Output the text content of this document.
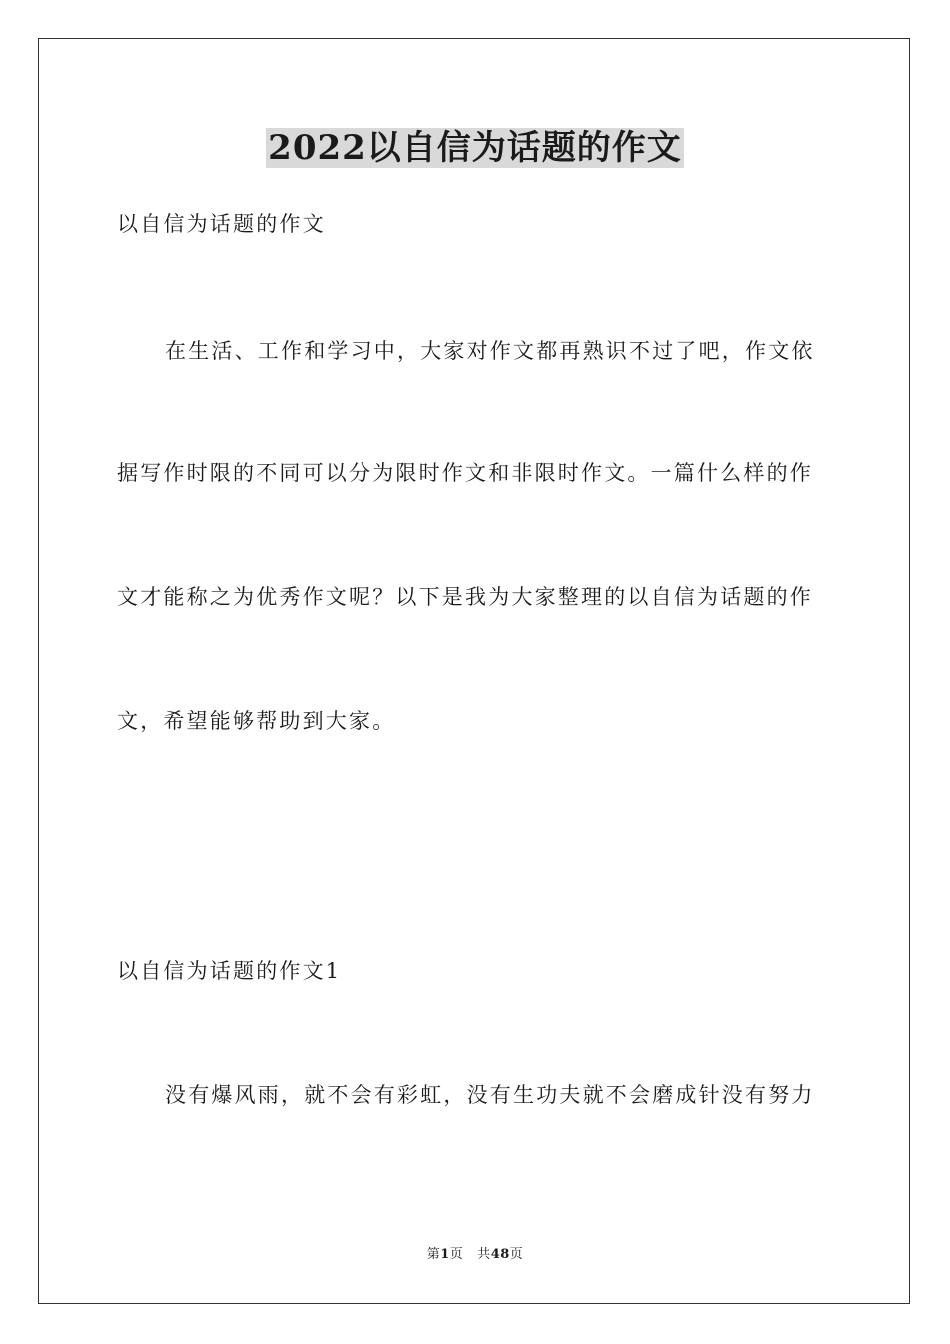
2022以自信为话题的作文
以自信为话题的作文
在生活、工作和学习中，大家对作文都再熟识不过了吧，作文依
据写作时限的不同可以分为限时作文和非限时作文。一篇什么样的作
文才能称之为优秀作文呢？以下是我为大家整理的以自信为话题的作
文，希望能够帮助到大家。
以自信为话题的作文1
没有爆风雨，就不会有彩虹，没有生功夫就不会磨成针没有努力
第1页 共48页
